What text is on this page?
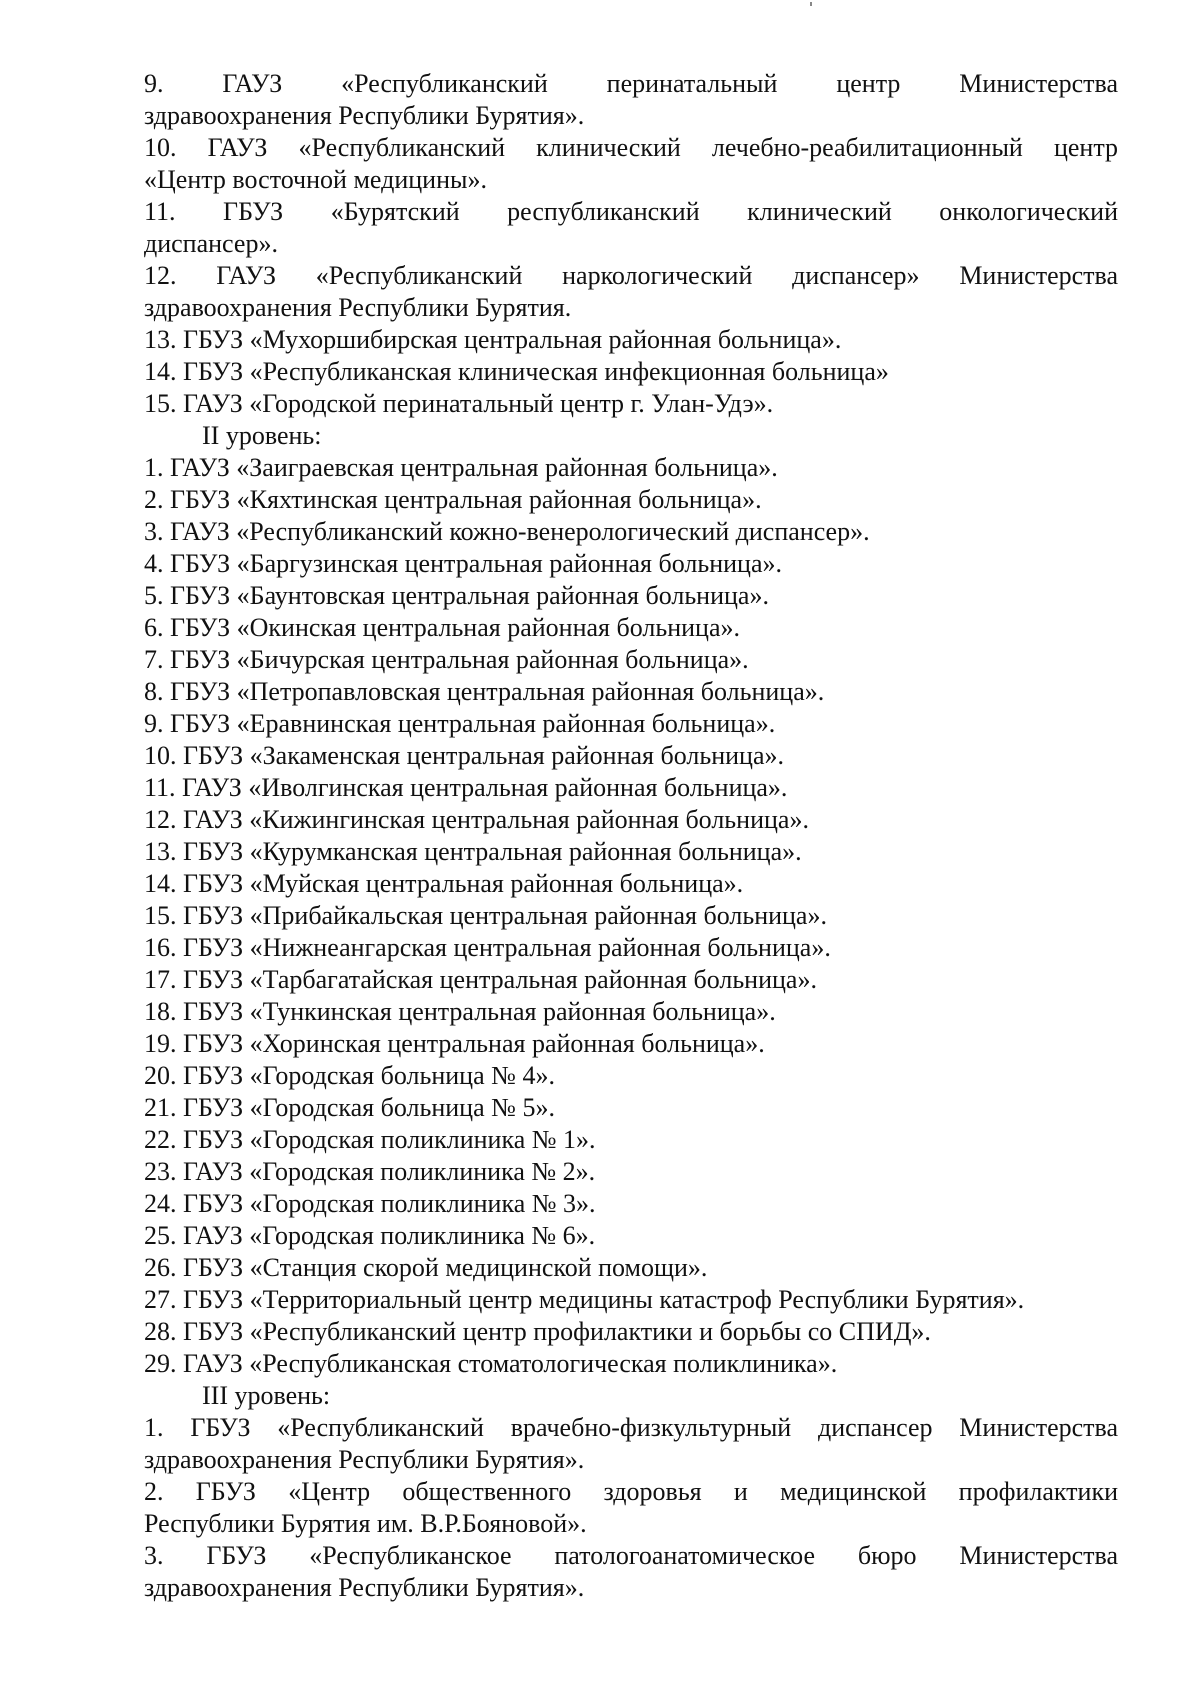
9. ГАУЗ «Республиканский перинатальный центр Министерства
здравоохранения Республики Бурятия».
10. ГАУЗ «Республиканский клинический лечебно-реабилитационный центр
«Центр восточной медицины».
11. ГБУЗ «Бурятский республиканский клинический онкологический
диспансер».
12. ГАУЗ «Республиканский наркологический диспансер» Министерства
здравоохранения Республики Бурятия.
13. ГБУЗ «Мухоршибирская центральная районная больница».
14. ГБУЗ «Республиканская клиническая инфекционная больница»
15. ГАУЗ «Городской перинатальный центр г. Улан-Удэ».
II уровень:
1. ГАУЗ «Заиграевская центральная районная больница».
2. ГБУЗ «Кяхтинская центральная районная больница».
3. ГАУЗ «Республиканский кожно-венерологический диспансер».
4. ГБУЗ «Баргузинская центральная районная больница».
5. ГБУЗ «Баунтовская центральная районная больница».
6. ГБУЗ «Окинская центральная районная больница».
7. ГБУЗ «Бичурская центральная районная больница».
8. ГБУЗ «Петропавловская центральная районная больница».
9. ГБУЗ «Еравнинская центральная районная больница».
10. ГБУЗ «Закаменская центральная районная больница».
11. ГАУЗ «Иволгинская центральная районная больница».
12. ГАУЗ «Кижингинская центральная районная больница».
13. ГБУЗ «Курумканская центральная районная больница».
14. ГБУЗ «Муйская центральная районная больница».
15. ГБУЗ «Прибайкальская центральная районная больница».
16. ГБУЗ «Нижнеангарская центральная районная больница».
17. ГБУЗ «Тарбагатайская центральная районная больница».
18. ГБУЗ «Тункинская центральная районная больница».
19. ГБУЗ «Хоринская центральная районная больница».
20. ГБУЗ «Городская больница № 4».
21. ГБУЗ «Городская больница № 5».
22. ГБУЗ «Городская поликлиника № 1».
23. ГАУЗ «Городская поликлиника № 2».
24. ГБУЗ «Городская поликлиника № 3».
25. ГАУЗ «Городская поликлиника № 6».
26. ГБУЗ «Станция скорой медицинской помощи».
27. ГБУЗ «Территориальный центр медицины катастроф Республики Бурятия».
28. ГБУЗ «Республиканский центр профилактики и борьбы со СПИД».
29. ГАУЗ «Республиканская стоматологическая поликлиника».
III уровень:
1. ГБУЗ «Республиканский врачебно-физкультурный диспансер Министерства
здравоохранения Республики Бурятия».
2. ГБУЗ «Центр общественного здоровья и медицинской профилактики
Республики Бурятия им. В.Р.Бояновой».
3. ГБУЗ «Республиканское патологоанатомическое бюро Министерства
здравоохранения Республики Бурятия».
